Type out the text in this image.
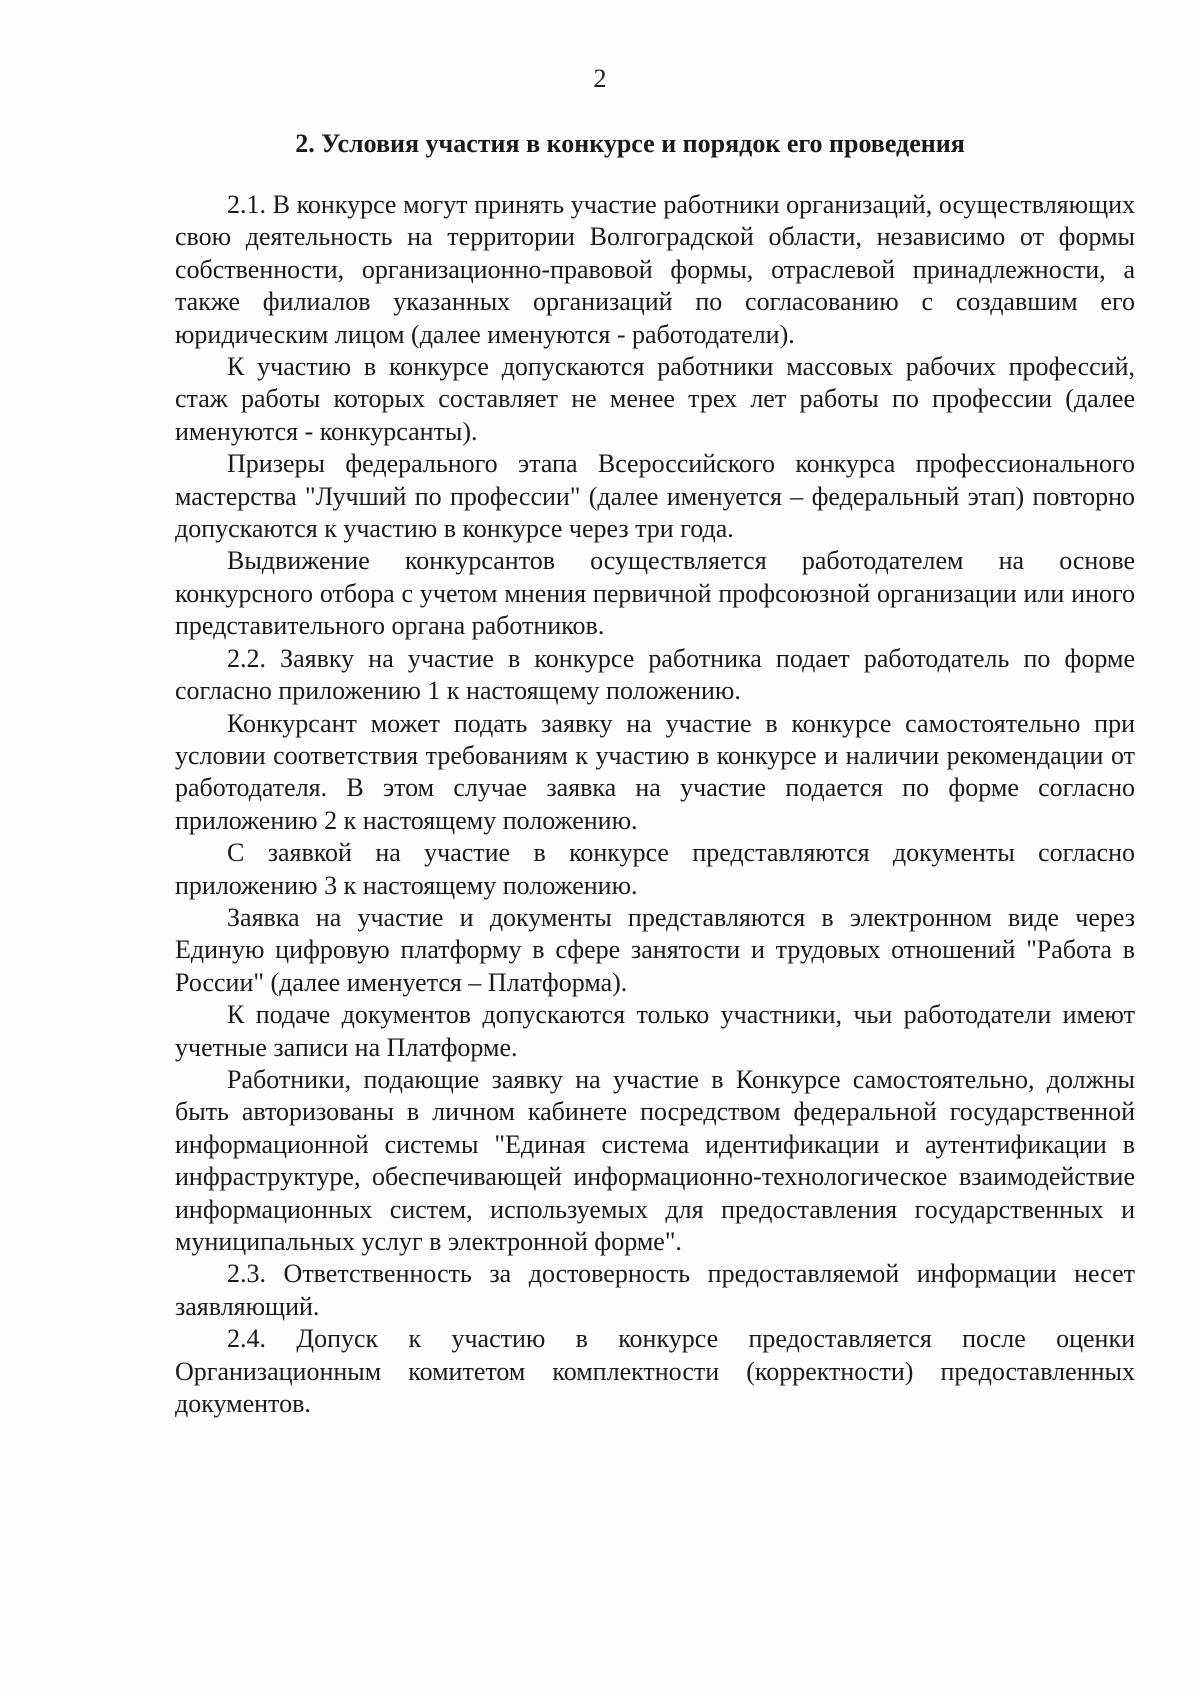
2
2. Условия участия в конкурсе и порядок его проведения

2.1. В конкурсе могут принять участие работники организаций, осуществляющих свою деятельность на территории Волгоградской области, независимо от формы собственности, организационно-правовой формы, отраслевой принадлежности, а также филиалов указанных организаций по согласованию с создавшим его юридическим лицом (далее именуются - работодатели).

К участию в конкурсе допускаются работники массовых рабочих профессий, стаж работы которых составляет не менее трех лет работы по профессии (далее именуются - конкурсанты).

Призеры федерального этапа Всероссийского конкурса профессионального мастерства "Лучший по профессии" (далее именуется – федеральный этап) повторно допускаются к участию в конкурсе через три года.

Выдвижение конкурсантов осуществляется работодателем на основе конкурсного отбора с учетом мнения первичной профсоюзной организации или иного представительного органа работников.

2.2. Заявку на участие в конкурсе работника подает работодатель по форме согласно приложению 1 к настоящему положению.

Конкурсант может подать заявку на участие в конкурсе самостоятельно при условии соответствия требованиям к участию в конкурсе и наличии рекомендации от работодателя. В этом случае заявка на участие подается по форме согласно приложению 2 к настоящему положению.

С заявкой на участие в конкурсе представляются документы согласно приложению 3 к настоящему положению.

Заявка на участие и документы представляются в электронном виде через Единую цифровую платформу в сфере занятости и трудовых отношений "Работа в России" (далее именуется – Платформа).

К подаче документов допускаются только участники, чьи работодатели имеют учетные записи на Платформе.

Работники, подающие заявку на участие в Конкурсе самостоятельно, должны быть авторизованы в личном кабинете посредством федеральной государственной информационной системы "Единая система идентификации и аутентификации в инфраструктуре, обеспечивающей информационно-технологическое взаимодействие информационных систем, используемых для предоставления государственных и муниципальных услуг в электронной форме".

2.3. Ответственность за достоверность предоставляемой информации несет заявляющий.

2.4. Допуск к участию в конкурсе предоставляется после оценки Организационным комитетом комплектности (корректности) предоставленных документов.
